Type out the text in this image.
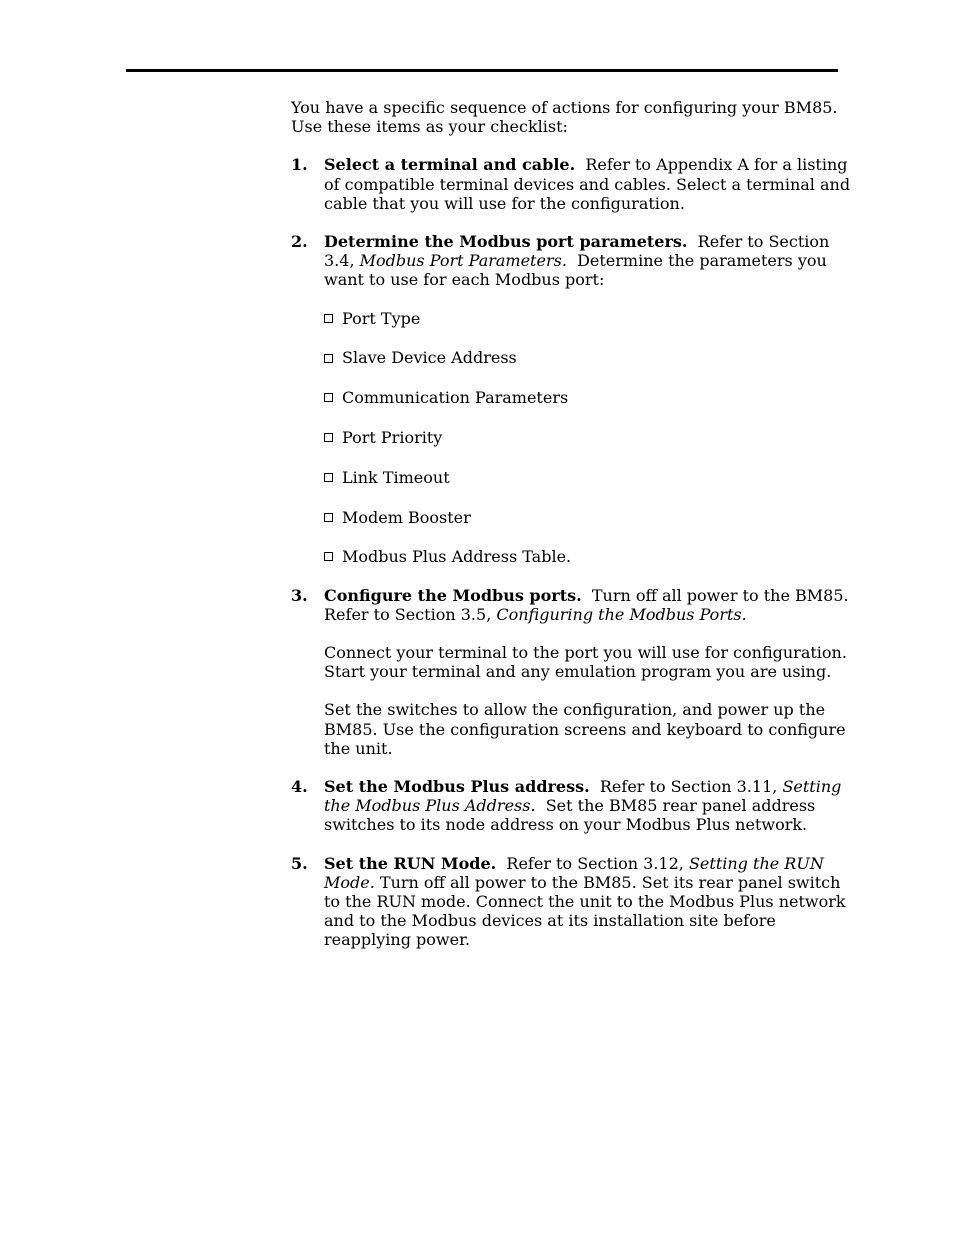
You have a specific sequence of actions for configuring your BM85.

Use these items as your checklist:

1. Select a terminal and cable. Refer to Appendix A for a listing of compatible terminal devices and cables. Select a terminal and cable that you will use for the configuration.

2. Determine the Modbus port parameters. Refer to Section 3.4, Modbus Port Parameters. Determine the parameters you want to use for each Modbus port:

Port Type
Slave Device Address
Communication Parameters
Port Priority
Link Timeout
Modem Booster
Modbus Plus Address Table.
3. Configure the Modbus ports. Turn off all power to the BM85. Refer to Section 3.5, Configuring the Modbus Ports.

Connect your terminal to the port you will use for configuration. Start your terminal and any emulation program you are using.

Set the switches to allow the configuration, and power up the BM85. Use the configuration screens and keyboard to configure the unit.

4. Set the Modbus Plus address. Refer to Section 3.11, Setting the Modbus Plus Address. Set the BM85 rear panel address switches to its node address on your Modbus Plus network.

5. Set the RUN Mode. Refer to Section 3.12, Setting the RUN Mode. Turn off all power to the BM85. Set its rear panel switch to the RUN mode. Connect the unit to the Modbus Plus network and to the Modbus devices at its installation site before reapplying power.
